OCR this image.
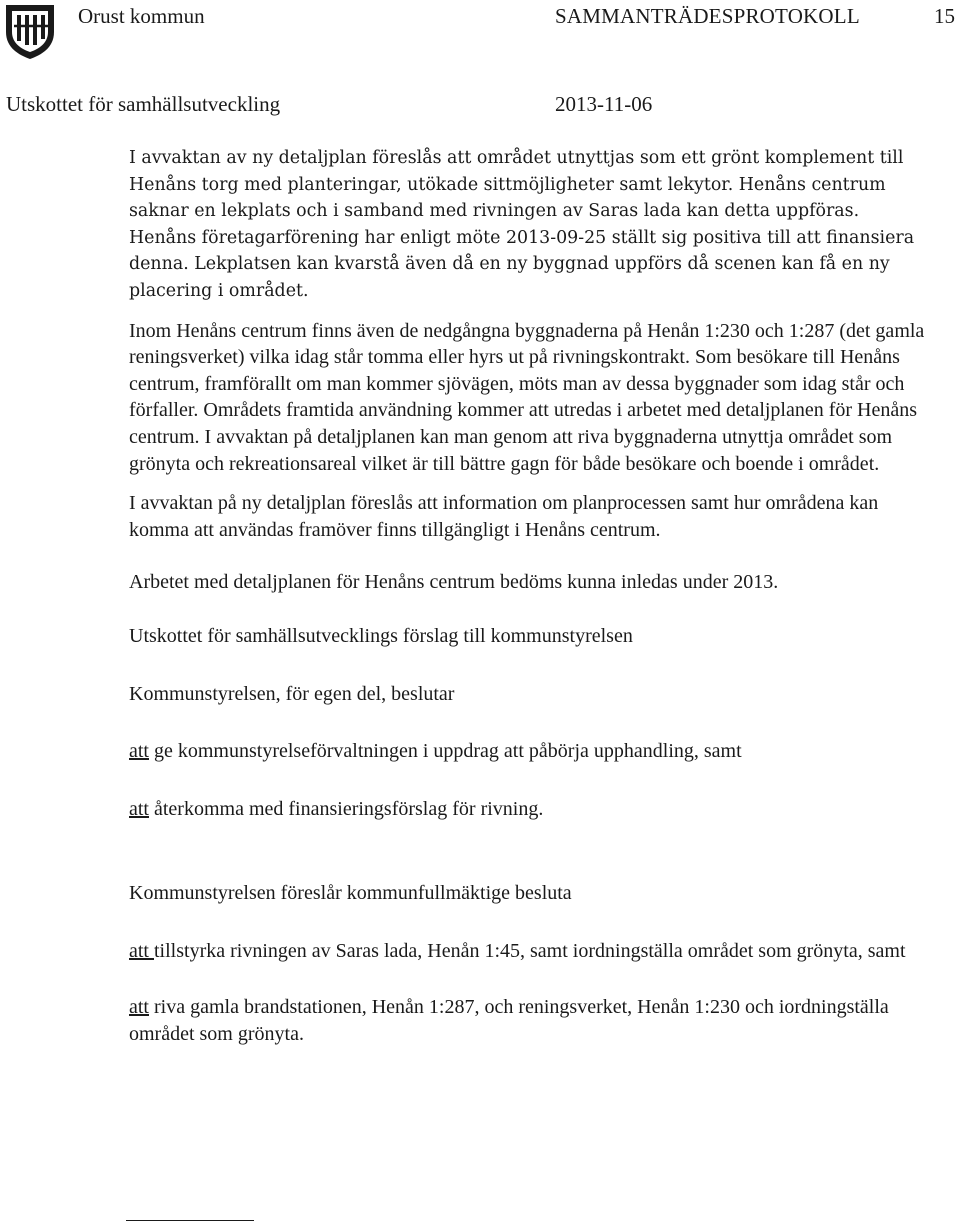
Orust kommun	SAMMANTRÄDESPROTOKOLL	15
Utskottet för samhällsutveckling	2013-11-06

I avvaktan av ny detaljplan föreslås att området utnyttjas som ett grönt komplement till Henåns torg med planteringar, utökade sittmöjligheter samt lekytor. Henåns centrum saknar en lekplats och i samband med rivningen av Saras lada kan detta uppföras. Henåns företagarförening har enligt möte 2013-09-25 ställt sig positiva till att finansiera denna. Lekplatsen kan kvarstå även då en ny byggnad uppförs då scenen kan få en ny placering i området.

Inom Henåns centrum finns även de nedgångna byggnaderna på Henån 1:230 och 1:287 (det gamla reningsverket) vilka idag står tomma eller hyrs ut på rivningskontrakt. Som besökare till Henåns centrum, framförallt om man kommer sjövägen, möts man av dessa byggnader som idag står och förfaller. Områdets framtida användning kommer att utredas i arbetet med detaljplanen för Henåns centrum. I avvaktan på detaljplanen kan man genom att riva byggnaderna utnyttja området som grönyta och rekreationsareal vilket är till bättre gagn för både besökare och boende i området.

I avvaktan på ny detaljplan föreslås att information om planprocessen samt hur områdena kan komma att användas framöver finns tillgängligt i Henåns centrum.

Arbetet med detaljplanen för Henåns centrum bedöms kunna inledas under 2013.

Utskottet för samhällsutvecklings förslag till kommunstyrelsen

Kommunstyrelsen, för egen del, beslutar

att ge kommunstyrelseförvaltningen i uppdrag att påbörja upphandling, samt

att återkomma med finansieringsförslag för rivning.

Kommunstyrelsen föreslår kommunfullmäktige besluta

att tillstyrka rivningen av Saras lada, Henån 1:45, samt iordningställa området som grönyta, samt

att riva gamla brandstationen, Henån 1:287, och reningsverket, Henån 1:230 och iordningställa området som grönyta.
